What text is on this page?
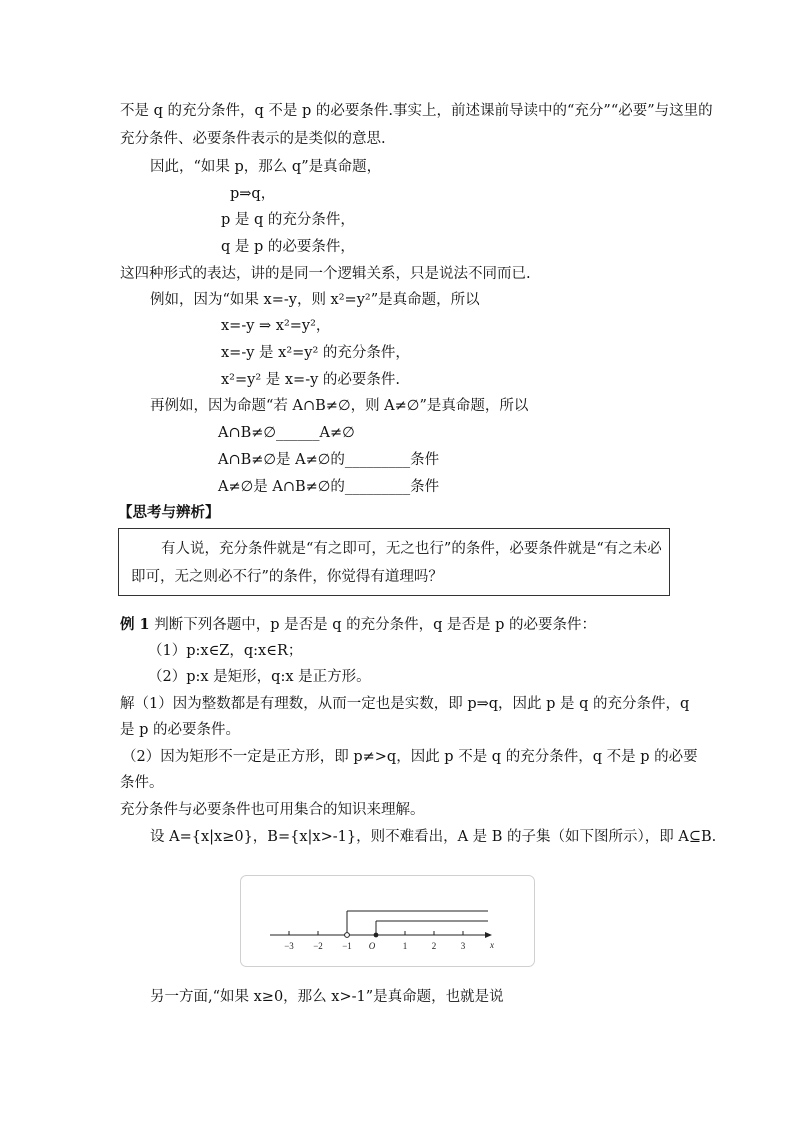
不是 q 的充分条件，q 不是 p 的必要条件.事实上，前述课前导读中的“充分”“必要”与这里的
充分条件、必要条件表示的是类似的意思.
因此，“如果 p，那么 q”是真命题，
p⇒q，
p 是 q 的充分条件，
q 是 p 的必要条件，
这四种形式的表达，讲的是同一个逻辑关系，只是说法不同而已.
例如，因为“如果 x=-y，则 x²=y²”是真命题，所以
x=-y ⇒ x²=y²，
x=-y 是 x²=y² 的充分条件，
x²=y² 是 x=-y 的必要条件.
再例如，因为命题“若 A∩B≠∅，则 A≠∅”是真命题，所以
A∩B≠∅______A≠∅
A∩B≠∅是 A≠∅的_________条件
A≠∅是 A∩B≠∅的_________条件
【思考与辨析】
有人说，充分条件就是“有之即可，无之也行”的条件，必要条件就是“有之未必
即可，无之则必不行”的条件，你觉得有道理吗？
例 1 判断下列各题中，p 是否是 q 的充分条件，q 是否是 p 的必要条件：
（1）p:x∈Z，q:x∈R；
（2）p:x 是矩形，q:x 是正方形。
解（1）因为整数都是有理数，从而一定也是实数，即 p⇒q，因此 p 是 q 的充分条件，q
是 p 的必要条件。
（2）因为矩形不一定是正方形，即 p≠>q，因此 p 不是 q 的充分条件，q 不是 p 的必要
条件。
充分条件与必要条件也可用集合的知识来理解。
设 A={x|x≥0}，B={x|x>-1}，则不难看出，A 是 B 的子集（如下图所示），即 A⊆B.
−3 −2 −1 O	1	2	3	x
另一方面,“如果 x≥0，那么 x>-1”是真命题，也就是说
